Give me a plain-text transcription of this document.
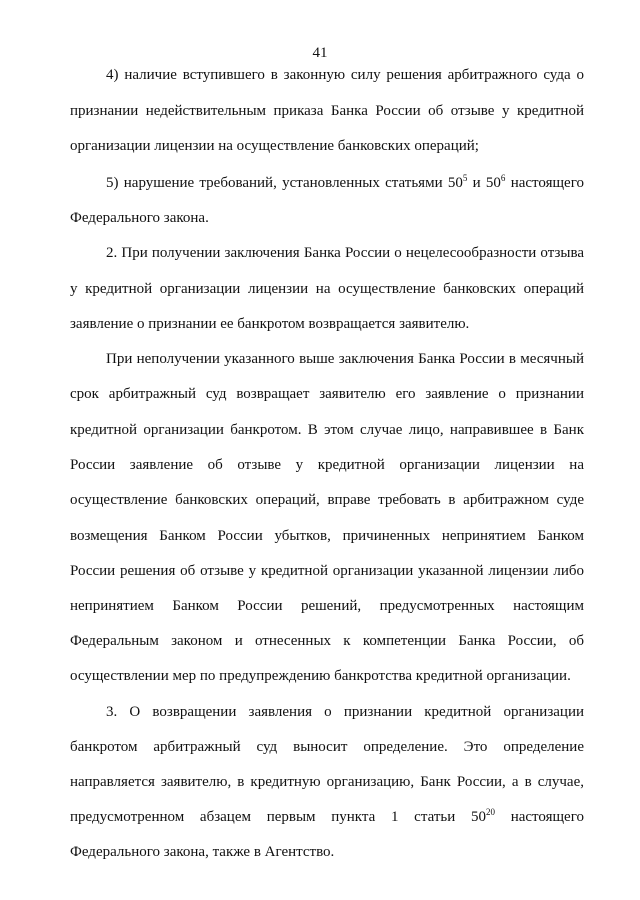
41
4) наличие вступившего в законную силу решения арбитражного суда о
признании недействительным приказа Банка России об отзыве у кредитной
организации лицензии на осуществление банковских операций;
5) нарушение требований, установленных статьями $50^5$ и $50^6$ настоящего
Федерального закона.
2. При получении заключения Банка России о нецелесообразности отзыва
у кредитной организации лицензии на осуществление банковских операций
заявление о признании ее банкротом возвращается заявителю.
При неполучении указанного выше заключения Банка России в месячный
срок арбитражный суд возвращает заявителю его заявление о признании
кредитной организации банкротом. В этом случае лицо, направившее в Банк
России заявление об отзыве у кредитной организации лицензии на
осуществление банковских операций, вправе требовать в арбитражном суде
возмещения Банком России убытков, причиненных непринятием Банком
России решения об отзыве у кредитной организации указанной лицензии либо
непринятием Банком России решений, предусмотренных настоящим
Федеральным законом и отнесенных к компетенции Банка России, об
осуществлении мер по предупреждению банкротства кредитной организации.
3. О возвращении заявления о признании кредитной организации
банкротом арбитражный суд выносит определение. Это определение
направляется заявителю, в кредитную организацию, Банк России, а в случае,
предусмотренном абзацем первым пункта 1 статьи $50^{20}$ настоящего
Федерального закона, также в Агентство.
